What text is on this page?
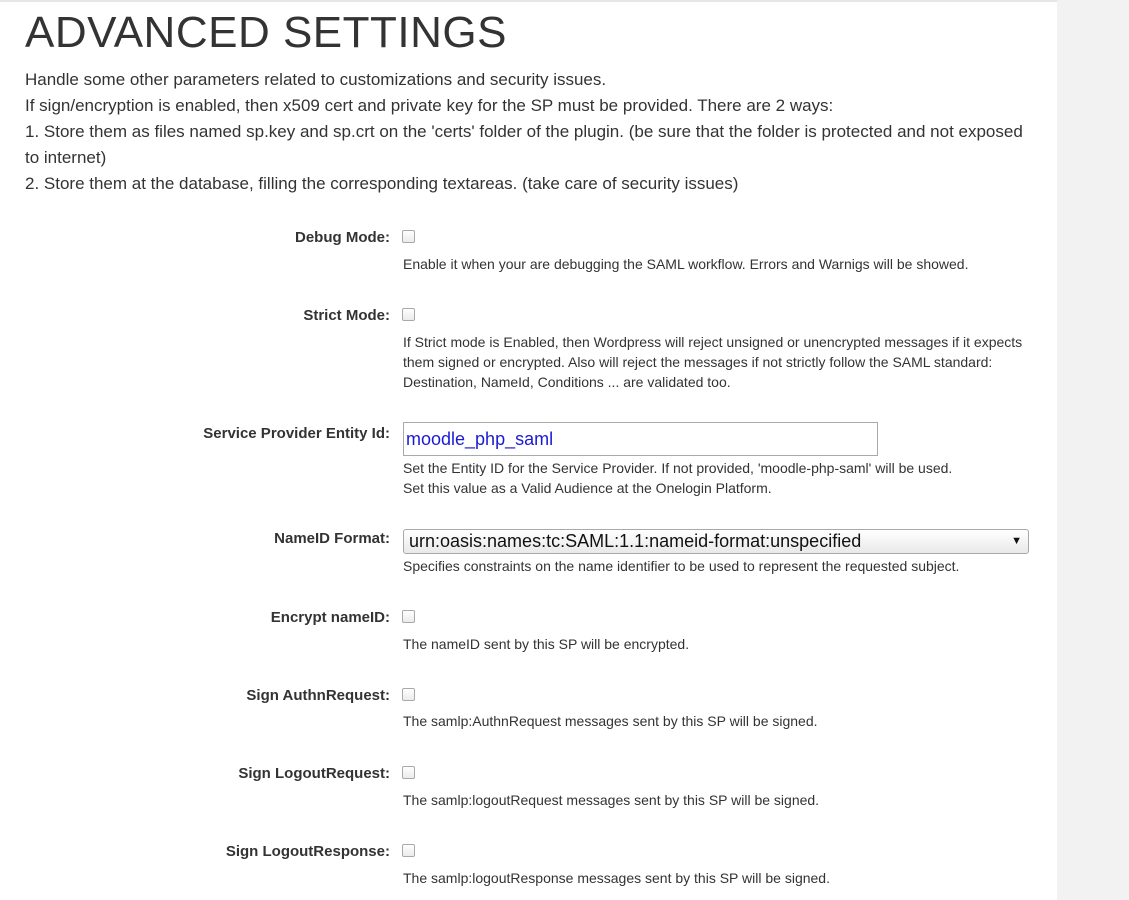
ADVANCED SETTINGS

Handle some other parameters related to customizations and security issues.

If sign/encryption is enabled, then x509 cert and private key for the SP must be provided. There are 2 ways:

1. Store them as files named sp.key and sp.crt on the 'certs' folder of the plugin. (be sure that the folder is protected and not exposed to internet)

2. Store them at the database, filling the corresponding textareas. (take care of security issues)

Debug Mode:
Enable it when your are debugging the SAML workflow. Errors and Warnigs will be showed.
Strict Mode:
If Strict mode is Enabled, then Wordpress will reject unsigned or unencrypted messages if it expects
them signed or encrypted. Also will reject the messages if not strictly follow the SAML standard:
Destination, NameId, Conditions ... are validated too.
Service Provider Entity Id: moodle_php_saml
Set the Entity ID for the Service Provider. If not provided, 'moodle-php-saml' will be used.
Set this value as a Valid Audience at the Onelogin Platform.
NameID Format:	urn:oasis:names:tc:SAML:1.1:nameid-format:unspecified	▼
Specifies constraints on the name identifier to be used to represent the requested subject.
Encrypt nameID:
The nameID sent by this SP will be encrypted.
Sign AuthnRequest:
The samlp:AuthnRequest messages sent by this SP will be signed.
Sign LogoutRequest:
The samlp:logoutRequest messages sent by this SP will be signed.
Sign LogoutResponse:
The samlp:logoutResponse messages sent by this SP will be signed.
